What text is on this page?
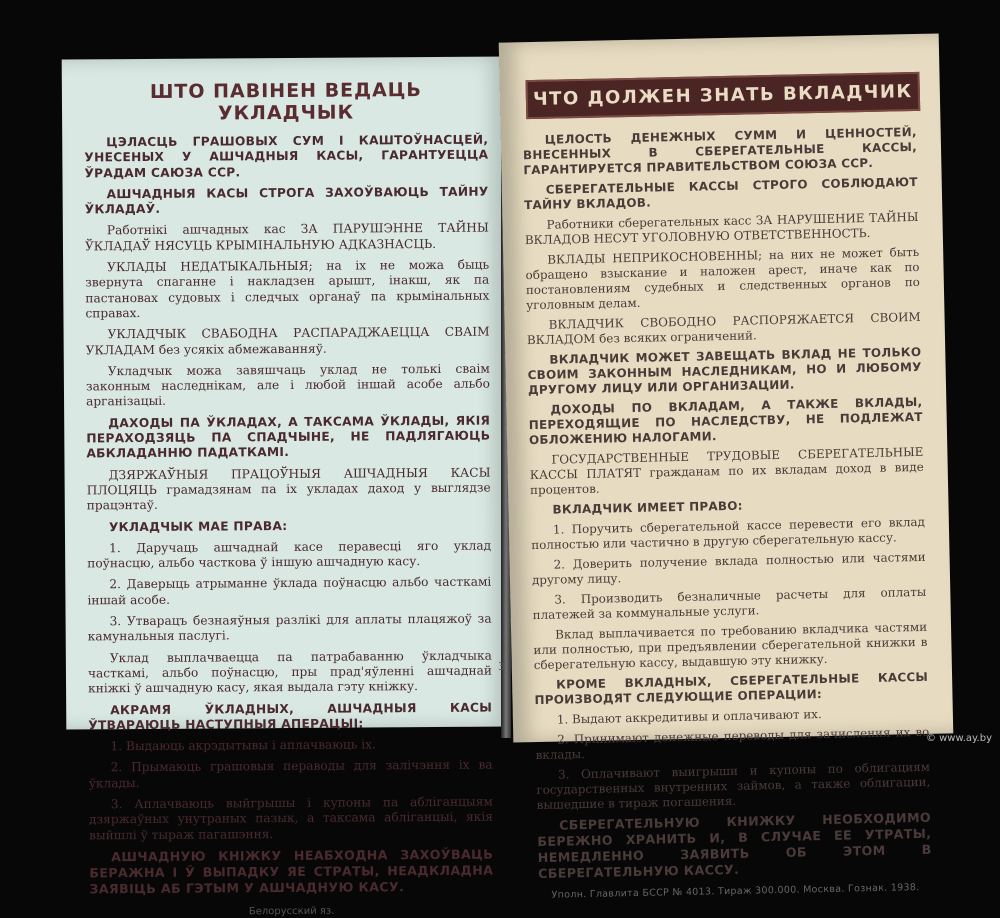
ШТО ПАВІНЕН ВЕДАЦЬ УКЛАДЧЫК

ЦЭЛАСЦЬ ГРАШОВЫХ СУМ І КАШТОЎНАСЦЕЙ, УНЕСЕНЫХ У АШЧАДНЫЯ КАСЫ, ГАРАНТУЕЦЦА ЎРАДАМ САЮЗА ССР.

АШЧАДНЫЯ КАСЫ СТРОГА ЗАХОЎВАЮЦЬ ТАЙНУ ЎКЛАДАЎ.

Работнікі ашчадных кас ЗА ПАРУШЭННЕ ТАЙНЫ ЎКЛАДАЎ НЯСУЦЬ КРЫМІНАЛЬНУЮ АДКАЗНАСЦЬ.

УКЛАДЫ НЕДАТЫКАЛЬНЫЯ; на іх не можа быць звернута спаганне і накладзен арышт, інакш, як па пастановах судовых і следчых органаў па крымінальных справах.

УКЛАДЧЫК СВАБОДНА РАСПАРАДЖАЕЦЦА СВАІМ УКЛАДАМ без усякіх абмежаванняў.

Укладчык можа завяшчаць уклад не толькі сваім законным наследнікам, але і любой іншай асобе альбо арганізацыі.

ДАХОДЫ ПА ЎКЛАДАХ, А ТАКСАМА ЎКЛАДЫ, ЯКІЯ ПЕРАХОДЗЯЦЬ ПА СПАДЧЫНЕ, НЕ ПАДЛЯГАЮЦЬ АБКЛАДАННЮ ПАДАТКАМІ.

ДЗЯРЖАЎНЫЯ ПРАЦОЎНЫЯ АШЧАДНЫЯ КАСЫ ПЛОЦЯЦЬ грамадзянам па іх укладах даход у выглядзе працэнтаў.

УКЛАДЧЫК МАЕ ПРАВА:

1. Даручаць ашчаднай касе перавесці яго уклад поўнасцю, альбо часткова ў іншую ашчадную касу.

2. Даверыць атрыманне ўклада поўнасцю альбо часткамі іншай асобе.

3. Утварацъ безнаяўныя разлікі для аплаты плацяжоў за камунальныя паслугі.

Уклад выплачваецца па патрабаванню ўкладчыка часткамі, альбо поўнасцю, пры прад'яўленні ашчаднай кніжкі ў ашчадную касу, якая выдала гэту кніжку.

АКРАМЯ ЎКЛАДНЫХ, АШЧАДНЫЯ КАСЫ ЎТВАРАЮЦЬ НАСТУПНЫЯ АПЕРАЦЫІ:

1. Выдаюць акрэдытывы і аплачваюць іх.

2. Прымаюць грашовыя пераводы для залічэння іх ва ўклады.

3. Аплачваюць выйгрышы і купоны па абліганцыям дзяржаўных унутраных пазык, а таксама абліганцыі, якія выйшлі ў тыраж пагашэння.

АШЧАДНУЮ КНІЖКУ НЕАБХОДНА ЗАХОЎВАЦЬ БЕРАЖНА І Ў ВЫПАДКУ ЯЕ СТРАТЫ, НЕАДКЛАДНА ЗАЯВІЦЬ АБ ГЭТЫМ У АШЧАДНУЮ КАСУ.

Белорусский яз.
3
ЧТО ДОЛЖЕН ЗНАТЬ ВКЛАДЧИК

ЦЕЛОСТЬ ДЕНЕЖНЫХ СУММ И ЦЕННОСТЕЙ, ВНЕСЕННЫХ В СБЕРЕГАТЕЛЬНЫЕ КАССЫ, ГАРАНТИРУЕТСЯ ПРАВИТЕЛЬСТВОМ СОЮЗА ССР.

СБЕРЕГАТЕЛЬНЫЕ КАССЫ СТРОГО СОБЛЮДАЮТ ТАЙНУ ВКЛАДОВ.

Работники сберегательных касс ЗА НАРУШЕНИЕ ТАЙНЫ ВКЛАДОВ НЕСУТ УГОЛОВНУЮ ОТВЕТСТВЕННОСТЬ.

ВКЛАДЫ НЕПРИКОСНОВЕННЫ; на них не может быть обращено взыскание и наложен арест, иначе как по постановлениям судебных и следственных органов по уголовным делам.

ВКЛАДЧИК СВОБОДНО РАСПОРЯЖАЕТСЯ СВОИМ ВКЛАДОМ без всяких ограничений.

ВКЛАДЧИК МОЖЕТ ЗАВЕЩАТЬ ВКЛАД НЕ ТОЛЬКО СВОИМ ЗАКОННЫМ НАСЛЕДНИКАМ, НО И ЛЮБОМУ ДРУГОМУ ЛИЦУ ИЛИ ОРГАНИЗАЦИИ.

ДОХОДЫ ПО ВКЛАДАМ, А ТАКЖЕ ВКЛАДЫ, ПЕРЕХОДЯЩИЕ ПО НАСЛЕДСТВУ, НЕ ПОДЛЕЖАТ ОБЛОЖЕНИЮ НАЛОГАМИ.

ГОСУДАРСТВЕННЫЕ ТРУДОВЫЕ СБЕРЕГАТЕЛЬНЫЕ КАССЫ ПЛАТЯТ гражданам по их вкладам доход в виде процентов.

ВКЛАДЧИК ИМЕЕТ ПРАВО:

1. Поручить сберегательной кассе перевести его вклад полностью или частично в другую сберегательную кассу.

2. Доверить получение вклада полностью или частями другому лицу.

3. Производить безналичные расчеты для оплаты платежей за коммунальные услуги.

Вклад выплачивается по требованию вкладчика частями или полностью, при предъявлении сберегательной книжки в сберегательную кассу, выдавшую эту книжку.

КРОМЕ ВКЛАДНЫХ, СБЕРЕГАТЕЛЬНЫЕ КАССЫ ПРОИЗВОДЯТ СЛЕДУЮЩИЕ ОПЕРАЦИИ:

1. Выдают аккредитивы и оплачивают их.

2. Принимают денежные переводы для зачисления их во вклады.

3. Оплачивают выигрыши и купоны по облигациям государственных внутренних займов, а также облигации, вышедшие в тираж погашения.

СБЕРЕГАТЕЛЬНУЮ КНИЖКУ НЕОБХОДИМО БЕРЕЖНО ХРАНИТЬ И, В СЛУЧАЕ ЕЕ УТРАТЫ, НЕМЕДЛЕННО ЗАЯВИТЬ ОБ ЭТОМ В СБЕРЕГАТЕЛЬНУЮ КАССУ.

Уполн. Главлита БССР № 4013. Тираж 300.000. Москва. Гознак. 1938.
© www.ay.by
